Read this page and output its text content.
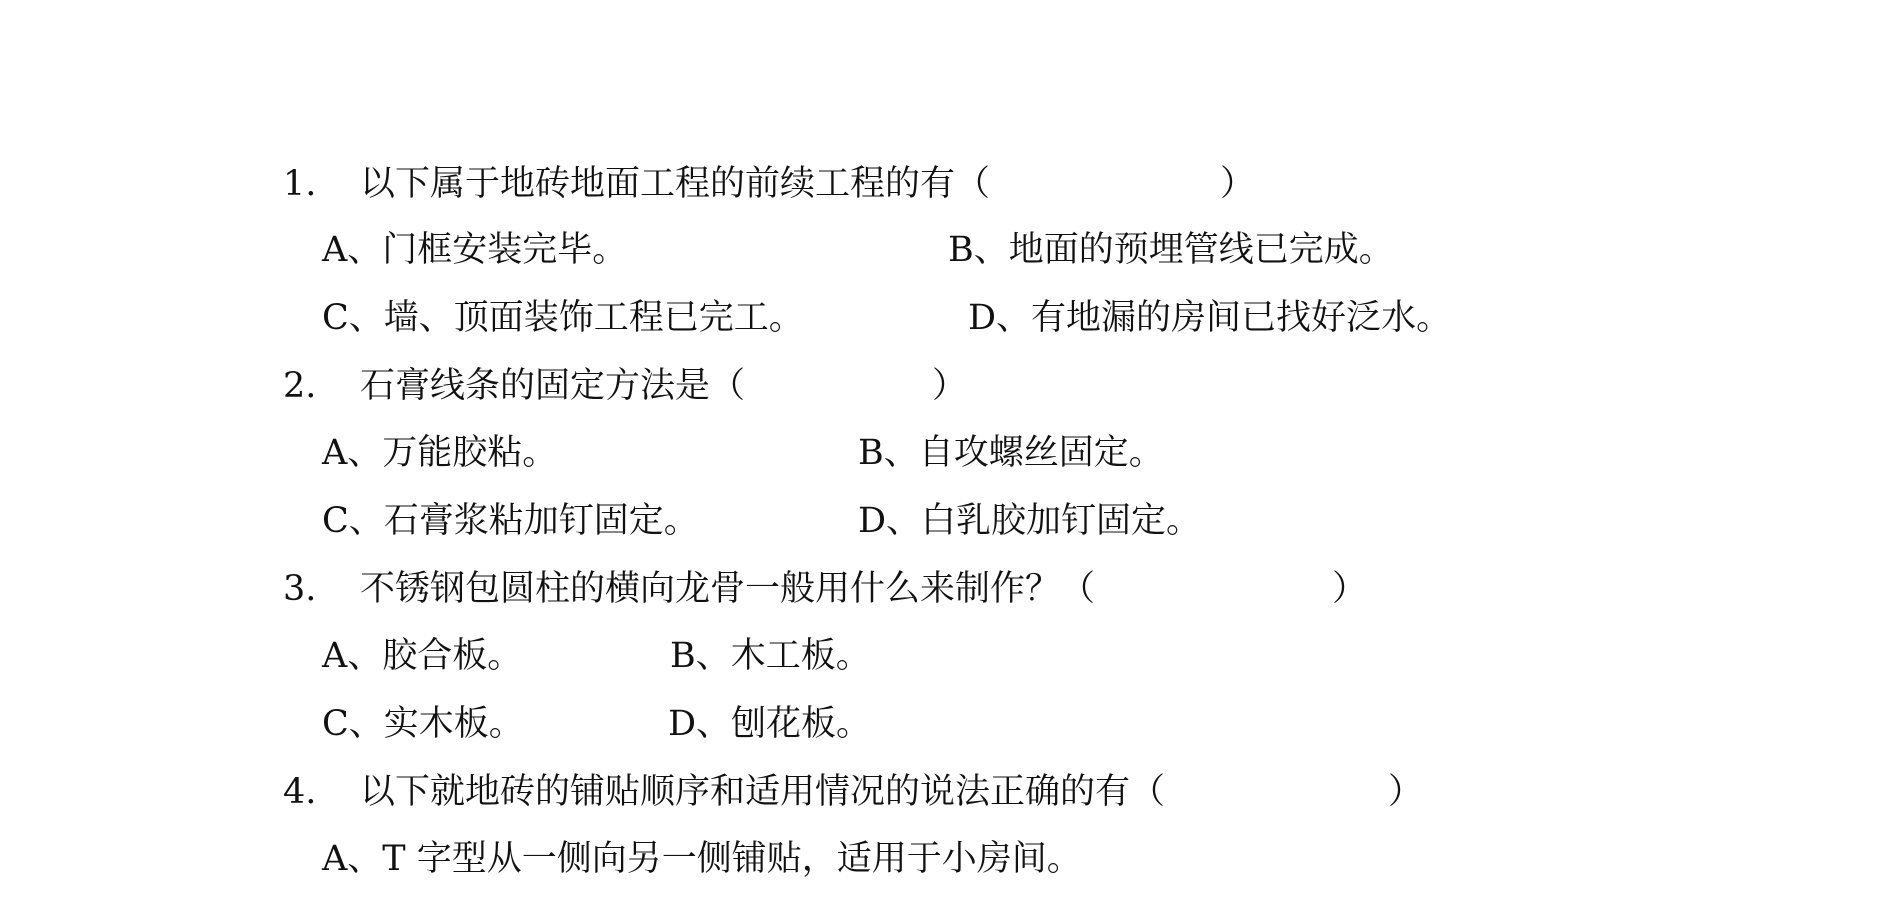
1. 以下属于地砖地面工程的前续工程的有（	）
A、门框安装完毕。	B、地面的预埋管线已完成。
C、墙、顶面装饰工程已完工。	D、有地漏的房间已找好泛水。
2. 石膏线条的固定方法是（	）
A、万能胶粘。	B、自攻螺丝固定。
C、石膏浆粘加钉固定。	D、白乳胶加钉固定。
3. 不锈钢包圆柱的横向龙骨一般用什么来制作？（	）
A、胶合板。	B、木工板。
C、实木板。	D、刨花板。
4. 以下就地砖的铺贴顺序和适用情况的说法正确的有（	）
A、T 字型从一侧向另一侧铺贴，适用于小房间。
